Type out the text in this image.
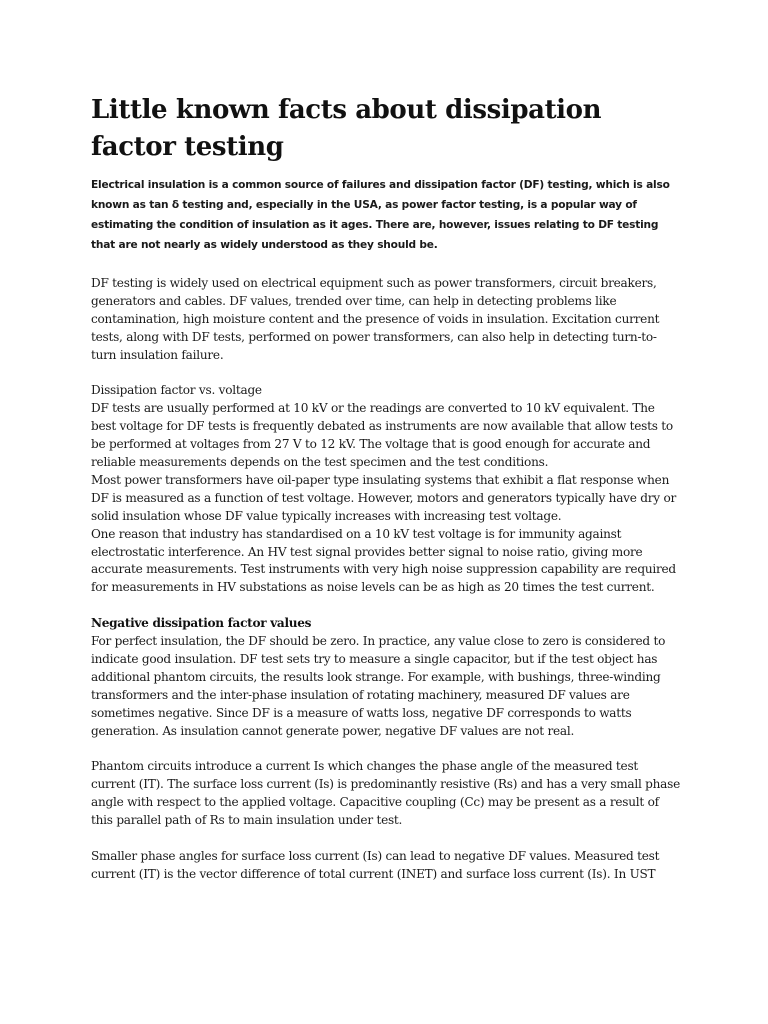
Little known facts about dissipation factor testing

Electrical insulation is a common source of failures and dissipation factor (DF) testing, which is also known as tan δ testing and, especially in the USA, as power factor testing, is a popular way of estimating the condition of insulation as it ages. There are, however, issues relating to DF testing that are not nearly as widely understood as they should be.

DF testing is widely used on electrical equipment such as power transformers, circuit breakers, generators and cables. DF values, trended over time, can help in detecting problems like contamination, high moisture content and the presence of voids in insulation. Excitation current tests, along with DF tests, performed on power transformers, can also help in detecting turn-to-turn insulation failure.

Dissipation factor vs. voltage

DF tests are usually performed at 10 kV or the readings are converted to 10 kV equivalent. The best voltage for DF tests is frequently debated as instruments are now available that allow tests to be performed at voltages from 27 V to 12 kV. The voltage that is good enough for accurate and reliable measurements depends on the test specimen and the test conditions.

Most power transformers have oil-paper type insulating systems that exhibit a flat response when DF is measured as a function of test voltage. However, motors and generators typically have dry or solid insulation whose DF value typically increases with increasing test voltage.

One reason that industry has standardised on a 10 kV test voltage is for immunity against electrostatic interference. An HV test signal provides better signal to noise ratio, giving more accurate measurements. Test instruments with very high noise suppression capability are required for measurements in HV substations as noise levels can be as high as 20 times the test current.

Negative dissipation factor values

For perfect insulation, the DF should be zero. In practice, any value close to zero is considered to indicate good insulation. DF test sets try to measure a single capacitor, but if the test object has additional phantom circuits, the results look strange. For example, with bushings, three-winding transformers and the inter-phase insulation of rotating machinery, measured DF values are sometimes negative. Since DF is a measure of watts loss, negative DF corresponds to watts generation. As insulation cannot generate power, negative DF values are not real.

Phantom circuits introduce a current Is which changes the phase angle of the measured test current (IT). The surface loss current (Is) is predominantly resistive (Rs) and has a very small phase angle with respect to the applied voltage. Capacitive coupling (Cc) may be present as a result of this parallel path of Rs to main insulation under test.

Smaller phase angles for surface loss current (Is) can lead to negative DF values. Measured test current (IT) is the vector difference of total current (INET) and surface loss current (Is). In UST
